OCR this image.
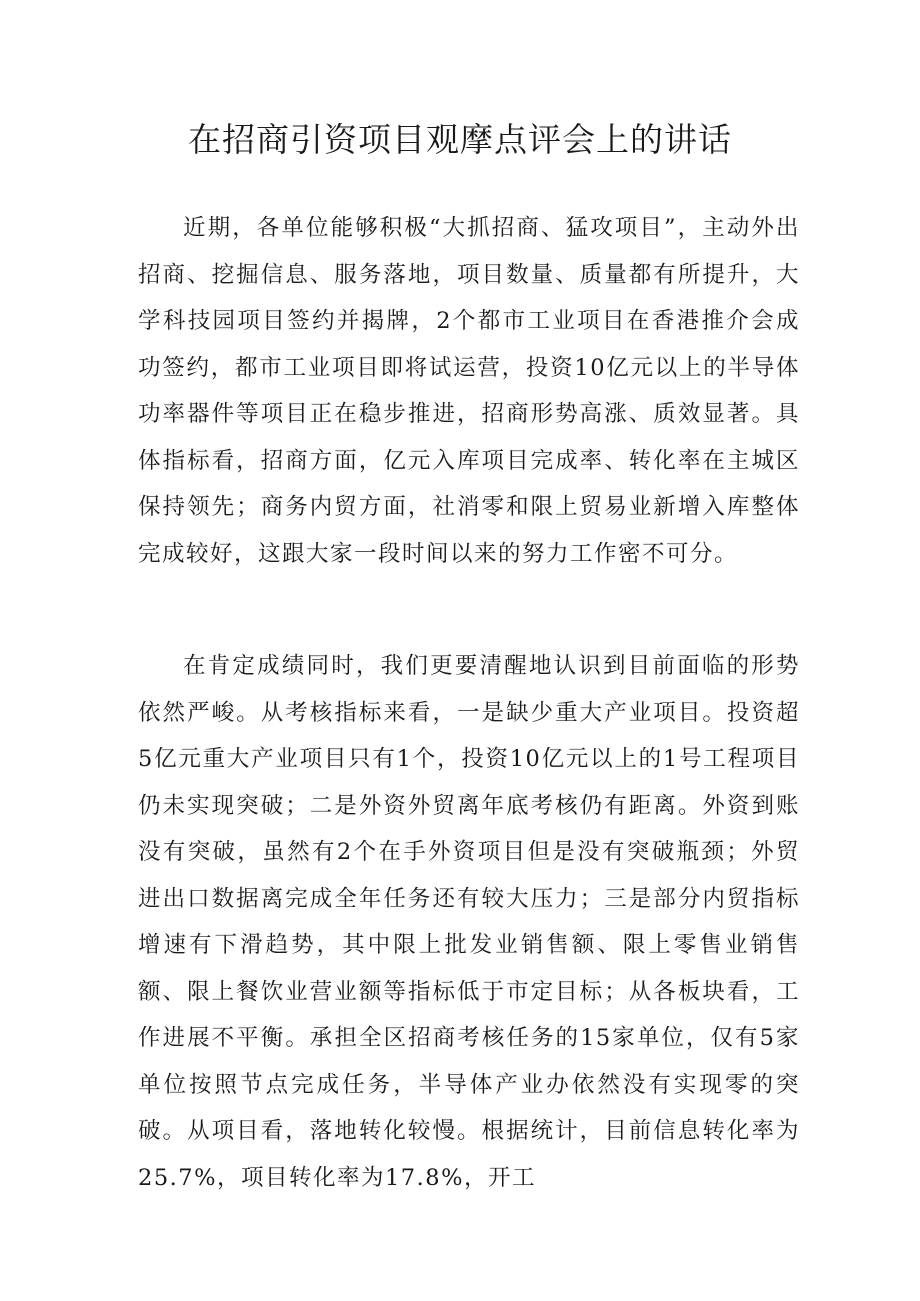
在招商引资项目观摩点评会上的讲话

近期，各单位能够积极“大抓招商、猛攻项目”，主动外出招商、挖掘信息、服务落地，项目数量、质量都有所提升，大学科技园项目签约并揭牌，2个都市工业项目在香港推介会成功签约，都市工业项目即将试运营，投资10亿元以上的半导体功率器件等项目正在稳步推进，招商形势高涨、质效显著。具体指标看，招商方面，亿元入库项目完成率、转化率在主城区保持领先；商务内贸方面，社消零和限上贸易业新增入库整体完成较好，这跟大家一段时间以来的努力工作密不可分。

在肯定成绩同时，我们更要清醒地认识到目前面临的形势依然严峻。从考核指标来看，一是缺少重大产业项目。投资超5亿元重大产业项目只有1个，投资10亿元以上的1号工程项目仍未实现突破；二是外资外贸离年底考核仍有距离。外资到账没有突破，虽然有2个在手外资项目但是没有突破瓶颈；外贸进出口数据离完成全年任务还有较大压力；三是部分内贸指标增速有下滑趋势，其中限上批发业销售额、限上零售业销售额、限上餐饮业营业额等指标低于市定目标；从各板块看，工作进展不平衡。承担全区招商考核任务的15家单位，仅有5家单位按照节点完成任务，半导体产业办依然没有实现零的突破。从项目看，落地转化较慢。根据统计，目前信息转化率为25.7%，项目转化率为17.8%，开工
